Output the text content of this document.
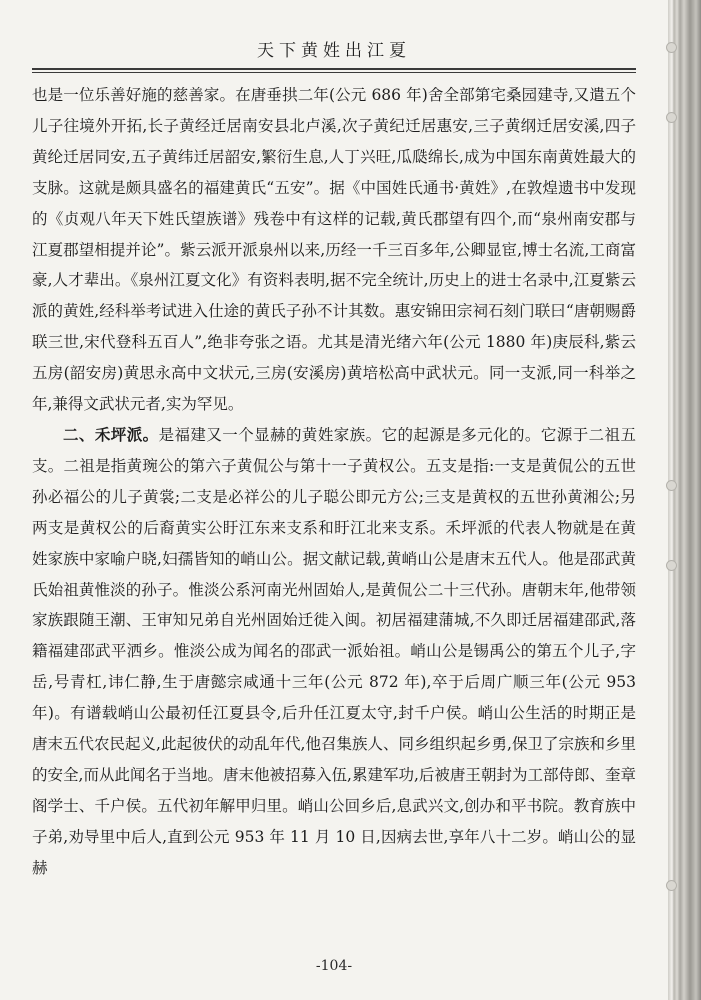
天下黄姓出江夏

也是一位乐善好施的慈善家。在唐垂拱二年(公元 686 年)舍全部第宅桑园建寺,又遣五个儿子往境外开拓,长子黄经迁居南安县北卢溪,次子黄纪迁居惠安,三子黄纲迁居安溪,四子黄纶迁居同安,五子黄纬迁居韶安,繁衍生息,人丁兴旺,瓜瓞绵长,成为中国东南黄姓最大的支脉。这就是颇具盛名的福建黄氏“五安”。据《中国姓氏通书·黄姓》,在敦煌遗书中发现的《贞观八年天下姓氏望族谱》残卷中有这样的记载,黄氏郡望有四个,而“泉州南安郡与江夏郡望相提并论”。紫云派开派泉州以来,历经一千三百多年,公卿显宦,博士名流,工商富豪,人才辈出。《泉州江夏文化》有资料表明,据不完全统计,历史上的进士名录中,江夏紫云派的黄姓,经科举考试进入仕途的黄氏子孙不计其数。惠安锦田宗祠石刻门联曰“唐朝赐爵联三世,宋代登科五百人”,绝非夸张之语。尤其是清光绪六年(公元 1880 年)庚辰科,紫云五房(韶安房)黄思永高中文状元,三房(安溪房)黄培松高中武状元。同一支派,同一科举之年,兼得文武状元者,实为罕见。

二、禾坪派。是福建又一个显赫的黄姓家族。它的起源是多元化的。它源于二祖五支。二祖是指黄琬公的第六子黄侃公与第十一子黄权公。五支是指:一支是黄侃公的五世孙必福公的儿子黄裳;二支是必祥公的儿子聪公即元方公;三支是黄权的五世孙黄湘公;另两支是黄权公的后裔黄实公盱江东来支系和盱江北来支系。禾坪派的代表人物就是在黄姓家族中家喻户晓,妇孺皆知的峭山公。据文献记载,黄峭山公是唐末五代人。他是邵武黄氏始祖黄惟淡的孙子。惟淡公系河南光州固始人,是黄侃公二十三代孙。唐朝末年,他带领家族跟随王潮、王审知兄弟自光州固始迁徙入闽。初居福建蒲城,不久即迁居福建邵武,落籍福建邵武平洒乡。惟淡公成为闻名的邵武一派始祖。峭山公是锡禹公的第五个儿子,字岳,号青杠,讳仁静,生于唐懿宗咸通十三年(公元 872 年),卒于后周广顺三年(公元 953 年)。有谱载峭山公最初任江夏县令,后升任江夏太守,封千户侯。峭山公生活的时期正是唐末五代农民起义,此起彼伏的动乱年代,他召集族人、同乡组织起乡勇,保卫了宗族和乡里的安全,而从此闻名于当地。唐末他被招募入伍,累建军功,后被唐王朝封为工部侍郎、奎章阁学士、千户侯。五代初年解甲归里。峭山公回乡后,息武兴文,创办和平书院。教育族中子弟,劝导里中后人,直到公元 953 年 11 月 10 日,因病去世,享年八十二岁。峭山公的显赫

-104-
